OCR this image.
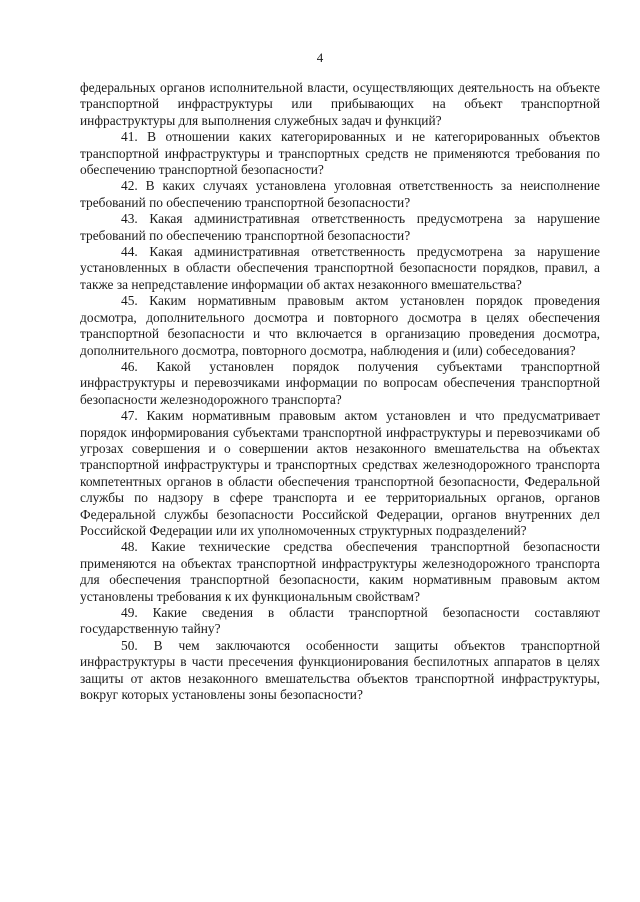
4

федеральных органов исполнительной власти, осуществляющих деятельность на объекте транспортной инфраструктуры или прибывающих на объект транспортной инфраструктуры для выполнения служебных задач и функций?

41. В отношении каких категорированных и не категорированных объектов транспортной инфраструктуры и транспортных средств не применяются требования по обеспечению транспортной безопасности?

42. В каких случаях установлена уголовная ответственность за неисполнение требований по обеспечению транспортной безопасности?

43. Какая административная ответственность предусмотрена за нарушение требований по обеспечению транспортной безопасности?

44. Какая административная ответственность предусмотрена за нарушение установленных в области обеспечения транспортной безопасности порядков, правил, а также за непредставление информации об актах незаконного вмешательства?

45. Каким нормативным правовым актом установлен порядок проведения досмотра, дополнительного досмотра и повторного досмотра в целях обеспечения транспортной безопасности и что включается в организацию проведения досмотра, дополнительного досмотра, повторного досмотра, наблюдения и (или) собеседования?

46. Какой установлен порядок получения субъектами транспортной инфраструктуры и перевозчиками информации по вопросам обеспечения транспортной безопасности железнодорожного транспорта?

47. Каким нормативным правовым актом установлен и что предусматривает порядок информирования субъектами транспортной инфраструктуры и перевозчиками об угрозах совершения и о совершении актов незаконного вмешательства на объектах транспортной инфраструктуры и транспортных средствах железнодорожного транспорта компетентных органов в области обеспечения транспортной безопасности, Федеральной службы по надзору в сфере транспорта и ее территориальных органов, органов Федеральной службы безопасности Российской Федерации, органов внутренних дел Российской Федерации или их уполномоченных структурных подразделений?

48. Какие технические средства обеспечения транспортной безопасности применяются на объектах транспортной инфраструктуры железнодорожного транспорта для обеспечения транспортной безопасности, каким нормативным правовым актом установлены требования к их функциональным свойствам?

49. Какие сведения в области транспортной безопасности составляют государственную тайну?

50. В чем заключаются особенности защиты объектов транспортной инфраструктуры в части пресечения функционирования беспилотных аппаратов в целях защиты от актов незаконного вмешательства объектов транспортной инфраструктуры, вокруг которых установлены зоны безопасности?
